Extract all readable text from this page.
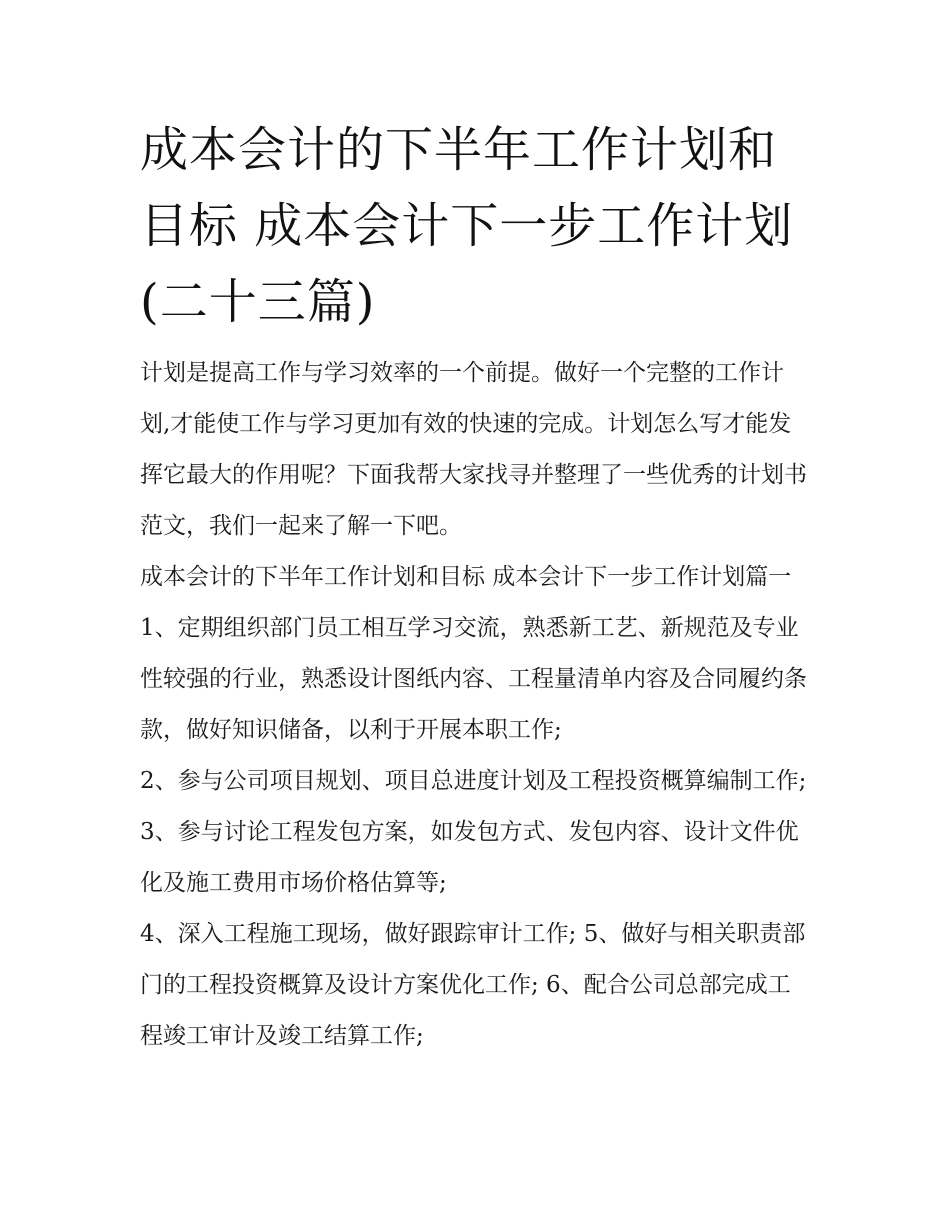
成本会计的下半年工作计划和目标 成本会计下一步工作计划(二十三篇)

计划是提高工作与学习效率的一个前提。做好一个完整的工作计划,才能使工作与学习更加有效的快速的完成。计划怎么写才能发挥它最大的作用呢？下面我帮大家找寻并整理了一些优秀的计划书范文，我们一起来了解一下吧。

成本会计的下半年工作计划和目标 成本会计下一步工作计划篇一

1、定期组织部门员工相互学习交流，熟悉新工艺、新规范及专业性较强的行业，熟悉设计图纸内容、工程量清单内容及合同履约条款，做好知识储备，以利于开展本职工作;

2、参与公司项目规划、项目总进度计划及工程投资概算编制工作; 3、参与讨论工程发包方案，如发包方式、发包内容、设计文件优化及施工费用市场价格估算等;

4、深入工程施工现场，做好跟踪审计工作; 5、做好与相关职责部门的工程投资概算及设计方案优化工作; 6、配合公司总部完成工程竣工审计及竣工结算工作;
